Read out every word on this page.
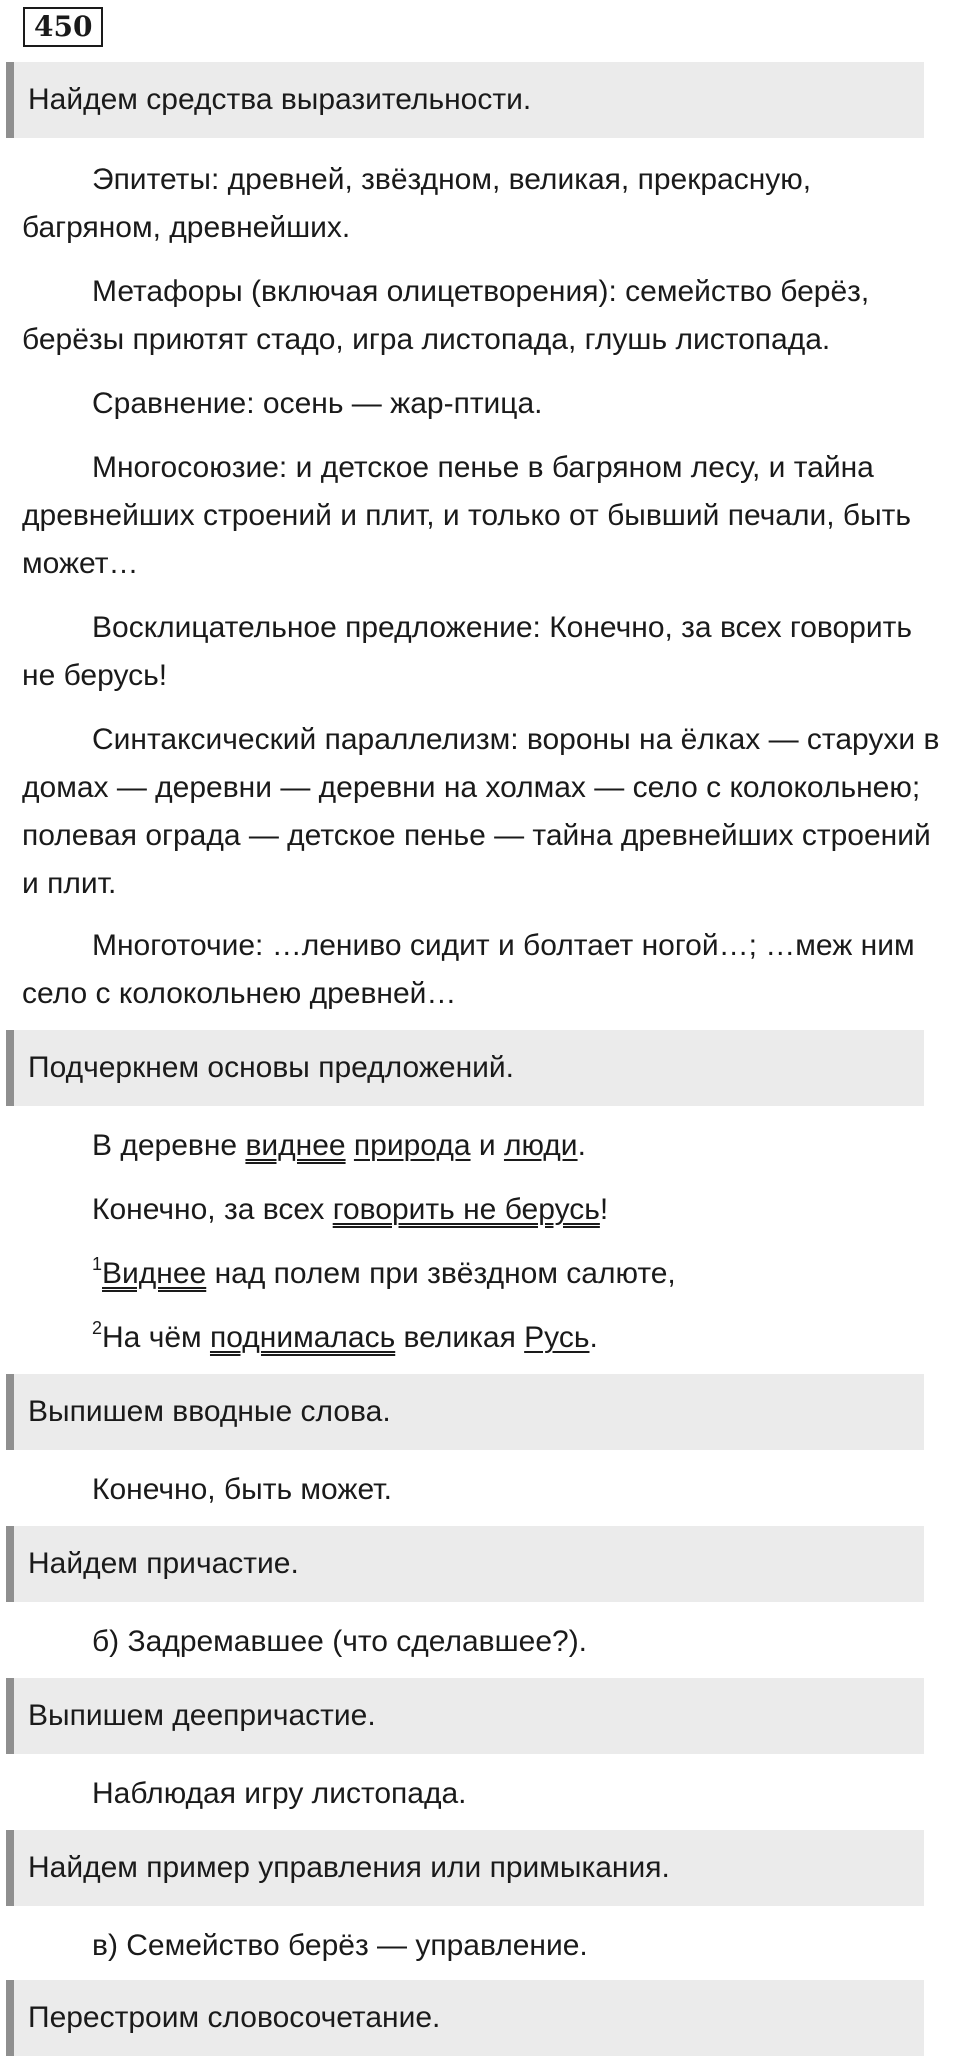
450
Найдем средства выразительности.
Эпитеты: древней, звёздном, великая, прекрасную, багряном, древнейших.
Метафоры (включая олицетворения): семейство берёз, берёзы приютят стадо, игра листопада, глушь листопада.
Сравнение: осень — жар-птица.
Многосоюзие: и детское пенье в багряном лесу, и тайна древнейших строений и плит, и только от бывший печали, быть может…
Восклицательное предложение: Конечно, за всех говорить не берусь!
Синтаксический параллелизм: вороны на ёлках — старухи в домах — деревни — деревни на холмах — село с колокольнею; полевая ограда — детское пенье — тайна древнейших строений и плит.
Многоточие: …лениво сидит и болтает ногой…; …меж ним село с колокольнею древней…
Подчеркнем основы предложений.
В деревне виднее природа и люди.
Конечно, за всех говорить не берусь!
$^1$Виднее над полем при звёздном салюте,
$^2$На чём поднималась великая Русь.
Выпишем вводные слова.
Конечно, быть может.
Найдем причастие.
б) Задремавшее (что сделавшее?).
Выпишем деепричастие.
Наблюдая игру листопада.
Найдем пример управления или примыкания.
в) Семейство берёз — управление.
Перестроим словосочетание.
